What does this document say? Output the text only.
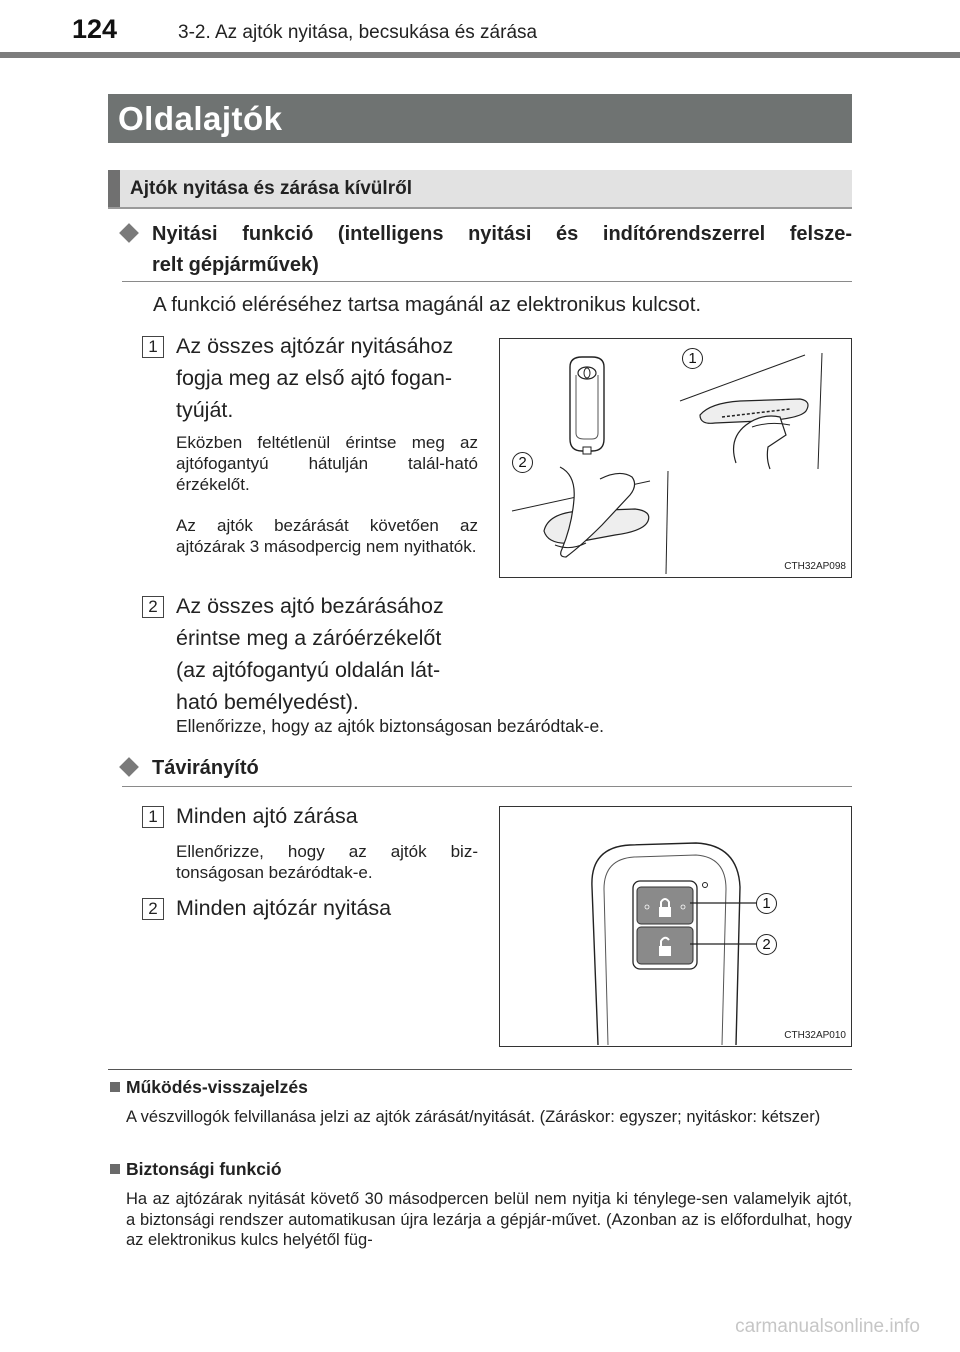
124	3-2. Az ajtók nyitása, becsukása és zárása
Oldalajtók
Ajtók nyitása és zárása kívülről
Nyitási funkció (intelligens nyitási és indítórendszerrel felsze-
relt gépjárművek)
A funkció eléréséhez tartsa magánál az elektronikus kulcsot.
1 Az összes ajtózár nyitásához
fogja meg az első ajtó fogan-
tyúját.
Eközben feltétlenül érintse meg az ajtófogantyú hátulján talál-ható érzékelőt.
Az ajtók bezárását követően az ajtózárak 3 másodpercig nem nyithatók.
1
2
CTH32AP098
2 Az összes ajtó bezárásához
érintse meg a záróérzékelőt
(az ajtófogantyú oldalán lát-
ható bemélyedést).
Ellenőrizze, hogy az ajtók biztonságosan bezáródtak-e.
Távirányító
1 Minden ajtó zárása
Ellenőrizze, hogy az ajtók biz-tonságosan bezáródtak-e.
2 Minden ajtózár nyitása	1
2
CTH32AP010
Működés-visszajelzés
A vészvillogók felvillanása jelzi az ajtók zárását/nyitását. (Záráskor: egyszer; nyitáskor: kétszer)
Biztonsági funkció
Ha az ajtózárak nyitását követő 30 másodpercen belül nem nyitja ki ténylege-sen valamelyik ajtót, a biztonsági rendszer automatikusan újra lezárja a gépjár-művet. (Azonban az is előfordulhat, hogy az elektronikus kulcs helyétől füg-
carmanualsonline.info
